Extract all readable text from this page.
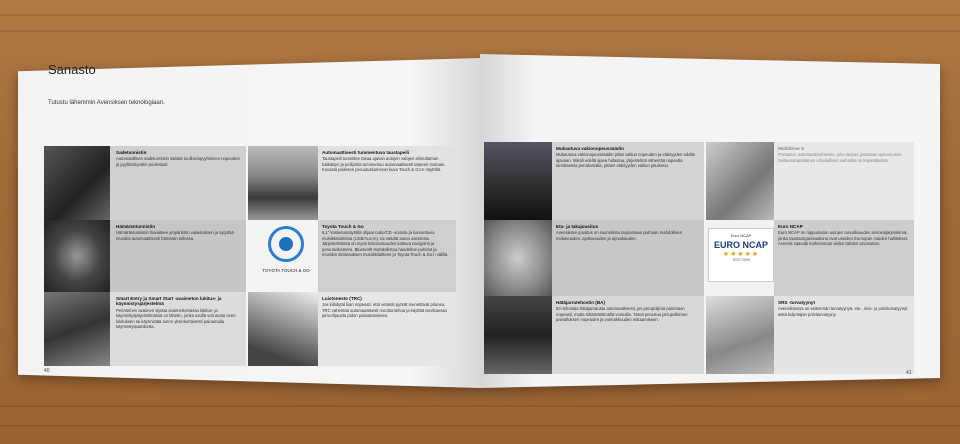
Sanasto
Tutustu lähemmin Avensiksen teknologiaan.
TOYOTA TOUCH & GO
Sadetunnistin
Automaattinen sadetunnistin säätää tuulilasinpyyhkimen nopeuden ja pyyhkäisyvälin puolestasi.
Automaattisesti tummentuva taustapeili
Taustapeili tunnistee takaa ajavan autojen valojen aiheuttaman häikäisyn ja peilipinta tummentuu automaattisesti tarpeen mukaan. Kuvasta poiketen peruutuskameran kuva Touch & Go:n näytöllä.
Hämäräntunnistin
Hämäräntunnistin havaitsee ympäristön valaistuksen ja sytyttää etuvalot automaattisesti hämärän tullessa.
Toyota Touch & Go
6,1" kosketusnäytöllä ohjaat radio/CD -soitinta ja kannettavia musiikkisoittimia (USB/Aux-in), tai säädät auton asetuksia. Järjestelmässä on myös kokonaisuuden kattava navigointi ja peruutuskamera. Bluetooth-mahdollistaa handsfree-puhelut ja musiikin striimauksen musiikkilaitteen ja Toyota Touch & Go:n välillä.
Smart Entry ja Smart Start -avaimeton lukitus- ja käynnistysjärjestelmä
Perinteinen avaimen sijasta avaimettomassa lukitus- ja käynnistysjärjestelmässä on lähetin, jonka avulla voit avata oven lukituksen tai käynnistää auton yksinkertaisesti painamalla käynnistyspainiketta.
Luistonesto (TRC)
Jos kiihdytät liian nopeasti, että vetävät pyörät menettävät pitonsa, TRC vähentää automaattisesti moottoritehoa ja käyttää tarvittaessa jarruohjausta pidon palauttamiseen.
40
Euro NCAP
EURO NCAP
★★★★★
TEST 2009
Mukautuva vakionopeussäädin
Mukautuva vakionopeussäädin pitää valitun nopeuden ja etäisyyden edellä ajavaan. Mikäli edellä ajava hidastaa, järjestelmä vähentää nopeutta tarvittaessa jarruttamalla, pitäen etäisyyden valitun pituisena.
Multidrive S
Portaaton automaattivaihteisto, joka tarjoaa joustavan ajotuntuman. Seitsemänportainen urheilullinen vaihtotila on käytettävissä.
Etu- ja takajousitus
Avensiksen jousitus on suunniteltu tarjoamaan parhaan mahdollisen mukavuuden, ajettavuuden ja ajovakauden.
Euro NCAP
Euro NCAP on riippumaton autojen turvallisuuden arviointijärjestelmä, jonka taustaorganisaationa ovat useiden Euroopan maiden hallitukset. Avensis saavutti korkeimman viiden tähden arvosanan.
Hätäjarrutehostin (BA)
BA tehostaa hätäjarrutusta automaattisesti, jos jarrupoljinta painetaan nopeasti, mutta riittämättömällä voimalla. Tämä perustuu jarrupolkimen painalluksen nopeuden ja voimakkuuden mittaamiseen.
SRS -turvatyynyt
Avensiksessa on seitsemän turvatyynyä, etu-, sivu- ja polviturvatyynyt sekä kuljettajan polviturvatyyny.
41
